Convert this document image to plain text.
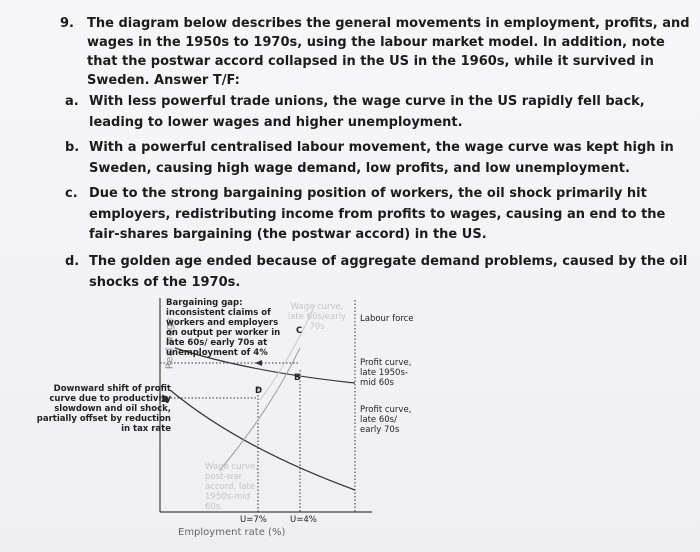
9. The diagram below describes the general movements in employment, profits, and wages in the 1950s to 1970s, using the labour market model. In addition, note that the postwar accord collapsed in the US in the 1960s, while it survived in Sweden. Answer T/F:
a. With less powerful trade unions, the wage curve in the US rapidly fell back, leading to lower wages and higher unemployment.
b. With a powerful centralised labour movement, the wage curve was kept high in Sweden, causing high wage demand, low profits, and low unemployment.
c. Due to the strong bargaining position of workers, the oil shock primarily hit employers, redistributing income from profits to wages, causing an end to the fair-shares bargaining (the postwar accord) in the US.
d. The golden age ended because of aggregate demand problems, caused by the oil shocks of the 1970s.
Real wage
Bargaining gap: inconsistent claims of workers and employers on output per worker in late 60s/ early 70s at unemployment of 4%
Downward shift of profit curve due to productivity slowdown and oil shock, partially offset by reduction in tax rate
Wage curve, late 60s/early 70s
Labour force
Profit curve, late 1950s-mid 60s
Profit curve, late 60s/ early 70s
C
B
D
Wage curve, post-war accord, late 1950s-mid 60s
U=7%	U=4%
Employment rate (%)
